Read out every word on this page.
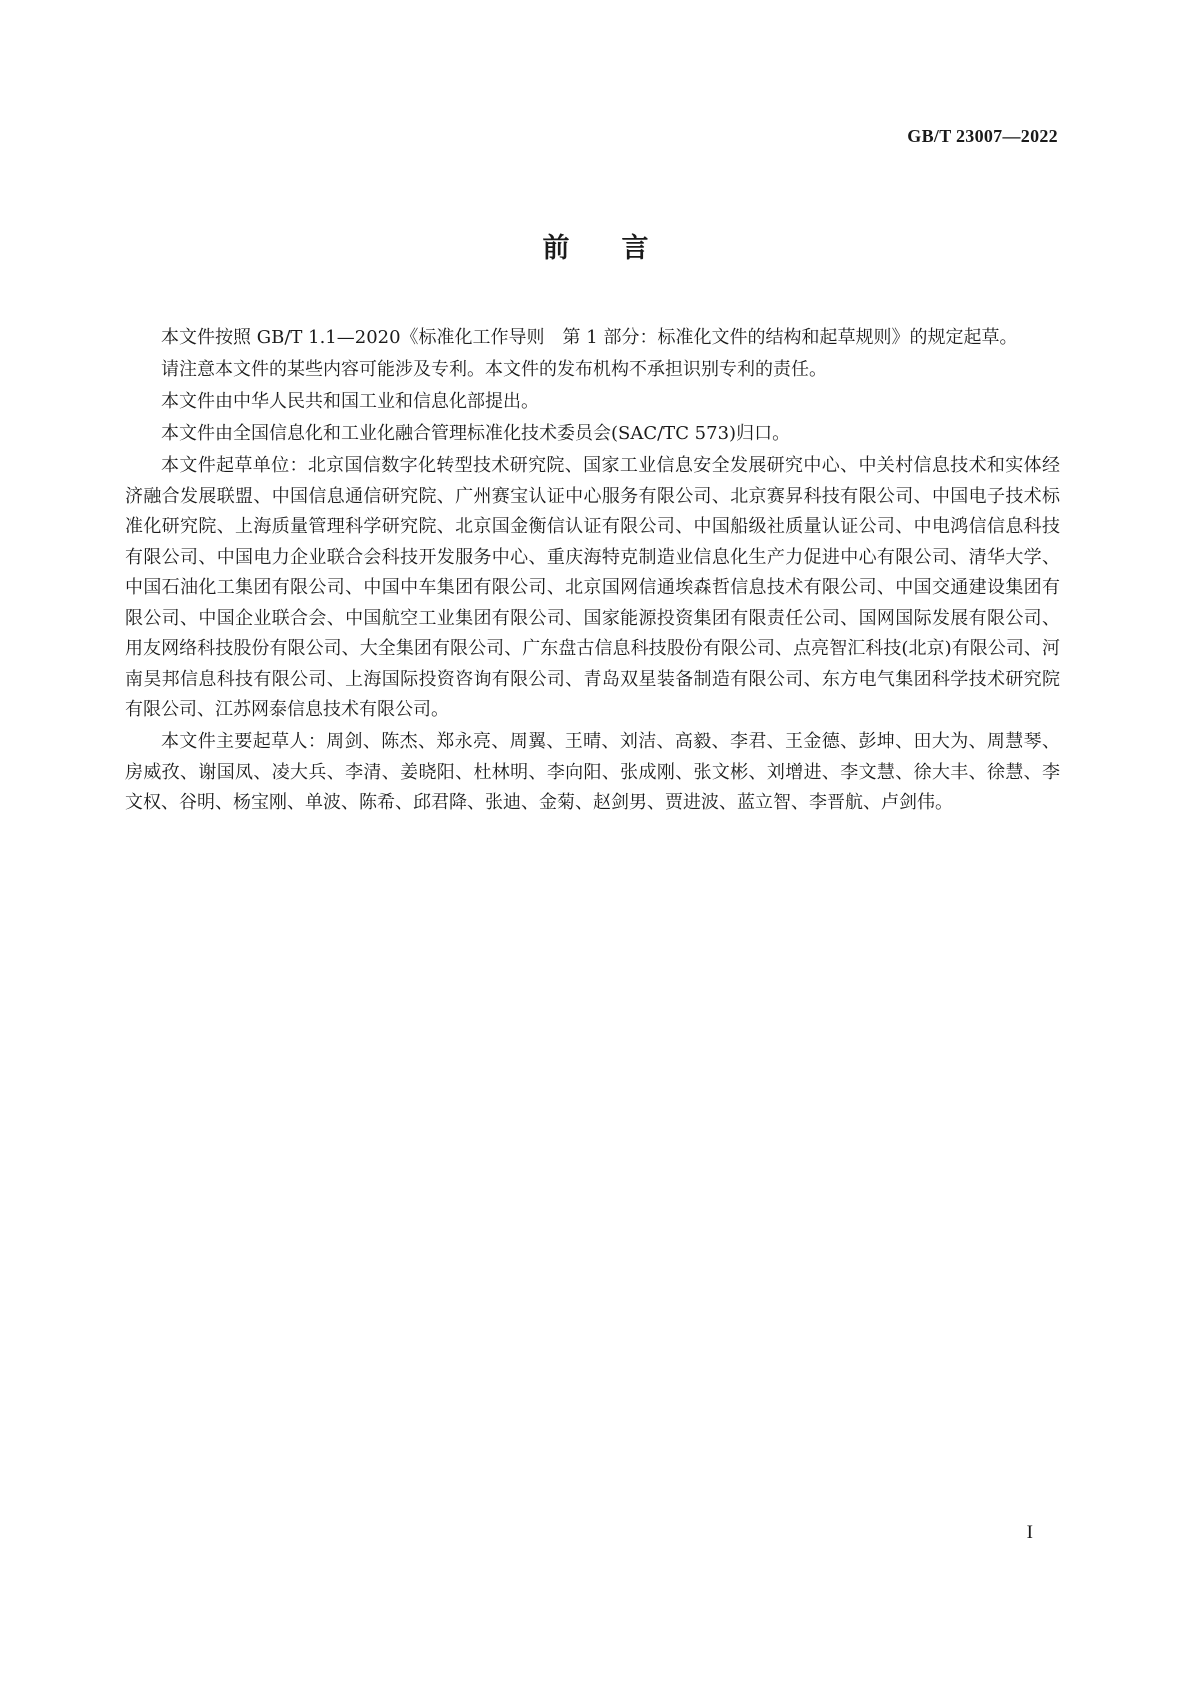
GB/T 23007—2022
前言

本文件按照 GB/T 1.1—2020《标准化工作导则　第 1 部分：标准化文件的结构和起草规则》的规定起草。

请注意本文件的某些内容可能涉及专利。本文件的发布机构不承担识别专利的责任。

本文件由中华人民共和国工业和信息化部提出。

本文件由全国信息化和工业化融合管理标准化技术委员会(SAC/TC 573)归口。

本文件起草单位：北京国信数字化转型技术研究院、国家工业信息安全发展研究中心、中关村信息技术和实体经济融合发展联盟、中国信息通信研究院、广州赛宝认证中心服务有限公司、北京赛昇科技有限公司、中国电子技术标准化研究院、上海质量管理科学研究院、北京国金衡信认证有限公司、中国船级社质量认证公司、中电鸿信信息科技有限公司、中国电力企业联合会科技开发服务中心、重庆海特克制造业信息化生产力促进中心有限公司、清华大学、中国石油化工集团有限公司、中国中车集团有限公司、北京国网信通埃森哲信息技术有限公司、中国交通建设集团有限公司、中国企业联合会、中国航空工业集团有限公司、国家能源投资集团有限责任公司、国网国际发展有限公司、用友网络科技股份有限公司、大全集团有限公司、广东盘古信息科技股份有限公司、点亮智汇科技(北京)有限公司、河南昊邦信息科技有限公司、上海国际投资咨询有限公司、青岛双星装备制造有限公司、东方电气集团科学技术研究院有限公司、江苏网泰信息技术有限公司。

本文件主要起草人：周剑、陈杰、郑永亮、周翼、王晴、刘洁、高毅、李君、王金德、彭坤、田大为、周慧琴、房威孜、谢国凤、凌大兵、李清、姜晓阳、杜林明、李向阳、张成刚、张文彬、刘增进、李文慧、徐大丰、徐慧、李文权、谷明、杨宝刚、单波、陈希、邱君降、张迪、金菊、赵剑男、贾进波、蓝立智、李晋航、卢剑伟。

I
